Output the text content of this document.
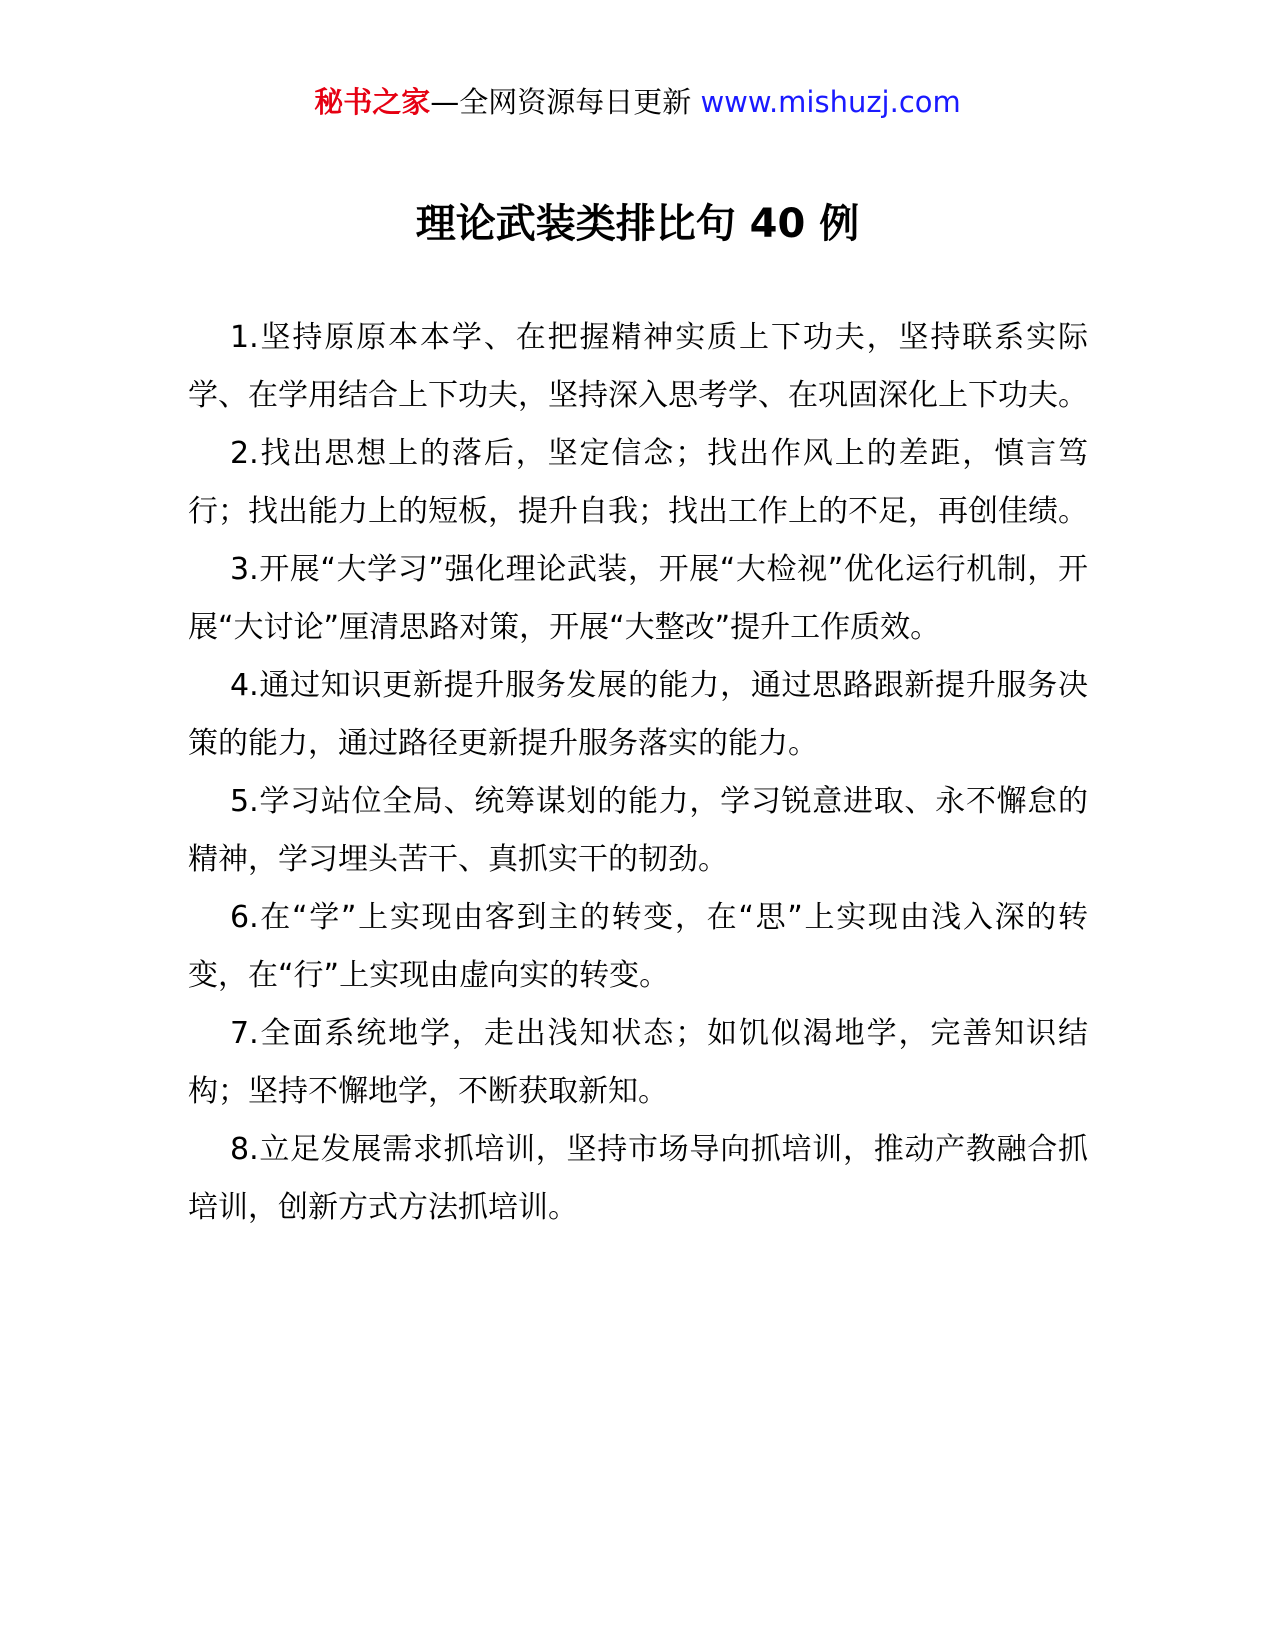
秘书之家—全网资源每日更新 www.mishuzj.com
理论武装类排比句 40 例

1.坚持原原本本学、在把握精神实质上下功夫，坚持联系实际学、在学用结合上下功夫，坚持深入思考学、在巩固深化上下功夫。

2.找出思想上的落后，坚定信念；找出作风上的差距，慎言笃行；找出能力上的短板，提升自我；找出工作上的不足，再创佳绩。

3.开展“大学习”强化理论武装，开展“大检视”优化运行机制，开展“大讨论”厘清思路对策，开展“大整改”提升工作质效。

4.通过知识更新提升服务发展的能力，通过思路跟新提升服务决策的能力，通过路径更新提升服务落实的能力。

5.学习站位全局、统筹谋划的能力，学习锐意进取、永不懈怠的精神，学习埋头苦干、真抓实干的韧劲。

6.在“学”上实现由客到主的转变，在“思”上实现由浅入深的转变，在“行”上实现由虚向实的转变。

7.全面系统地学，走出浅知状态；如饥似渴地学，完善知识结构；坚持不懈地学，不断获取新知。

8.立足发展需求抓培训，坚持市场导向抓培训，推动产教融合抓培训，创新方式方法抓培训。
